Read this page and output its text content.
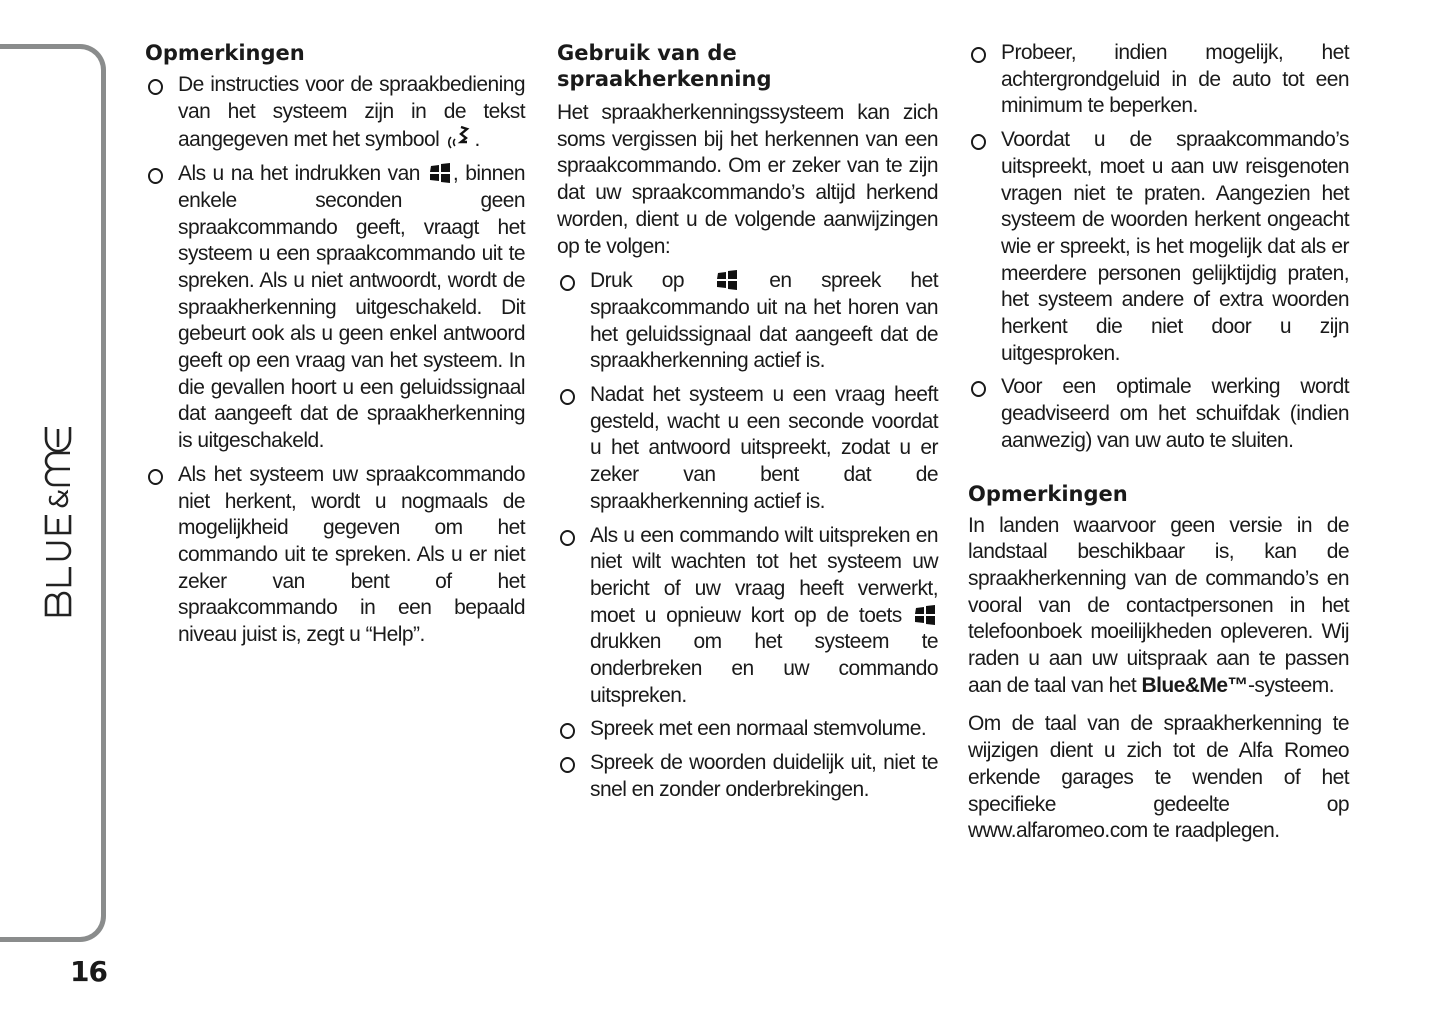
&
16
Opmerkingen
De instructies voor de spraakbediening van het systeem zijn in de tekst aangegeven met het symbool .
Als u na het indrukken van , binnen enkele seconden geen spraakcommando geeft, vraagt het systeem u een spraakcommando uit te spreken. Als u niet antwoordt, wordt de spraakherkenning uitgeschakeld. Dit gebeurt ook als u geen enkel antwoord geeft op een vraag van het systeem. In die gevallen hoort u een geluidssignaal dat aangeeft dat de spraakherkenning is uitgeschakeld.
Als het systeem uw spraakcommando niet herkent, wordt u nogmaals de mogelijkheid gegeven om het commando uit te spreken. Als u er niet zeker van bent of het spraakcommando in een bepaald niveau juist is, zegt u “Help”.
Gebruik van de spraakherkenning

Het spraakherkenningssysteem kan zich soms vergissen bij het herkennen van een spraakcommando. Om er zeker van te zijn dat uw spraakcommando’s altijd herkend worden, dient u de volgende aanwijzingen op te volgen:

Druk op	en spreek het spraakcommando uit na het horen van het geluidssignaal dat aangeeft dat de spraakherkenning actief is.
Nadat het systeem u een vraag heeft gesteld, wacht u een seconde voordat u het antwoord uitspreekt, zodat u er zeker van bent dat de spraakherkenning actief is.
Als u een commando wilt uitspreken en niet wilt wachten tot het systeem uw bericht of uw vraag heeft verwerkt, moet u opnieuw kort op de toets  drukken om het systeem te onderbreken en uw commando uitspreken.
Spreek met een normaal stemvolume.
Spreek de woorden duidelijk uit, niet te snel en zonder onderbrekingen.
Probeer, indien mogelijk, het achtergrondgeluid in de auto tot een minimum te beperken.
Voordat u de spraakcommando’s uitspreekt, moet u aan uw reisgenoten vragen niet te praten. Aangezien het systeem de woorden herkent ongeacht wie er spreekt, is het mogelijk dat als er meerdere personen gelijktijdig praten, het systeem andere of extra woorden herkent die niet door u zijn uitgesproken.
Voor een optimale werking wordt geadviseerd om het schuifdak (indien aanwezig) van uw auto te sluiten.
Opmerkingen

In landen waarvoor geen versie in de landstaal beschikbaar is, kan de spraakherkenning van de commando’s en vooral van de contactpersonen in het telefoonboek moeilijkheden opleveren. Wij raden u aan uw uitspraak aan te passen aan de taal van het Blue&Me™-systeem.

Om de taal van de spraakherkenning te wijzigen dient u zich tot de Alfa Romeo erkende garages te wenden of het specifieke gedeelte op www.alfaromeo.com te raadplegen.
